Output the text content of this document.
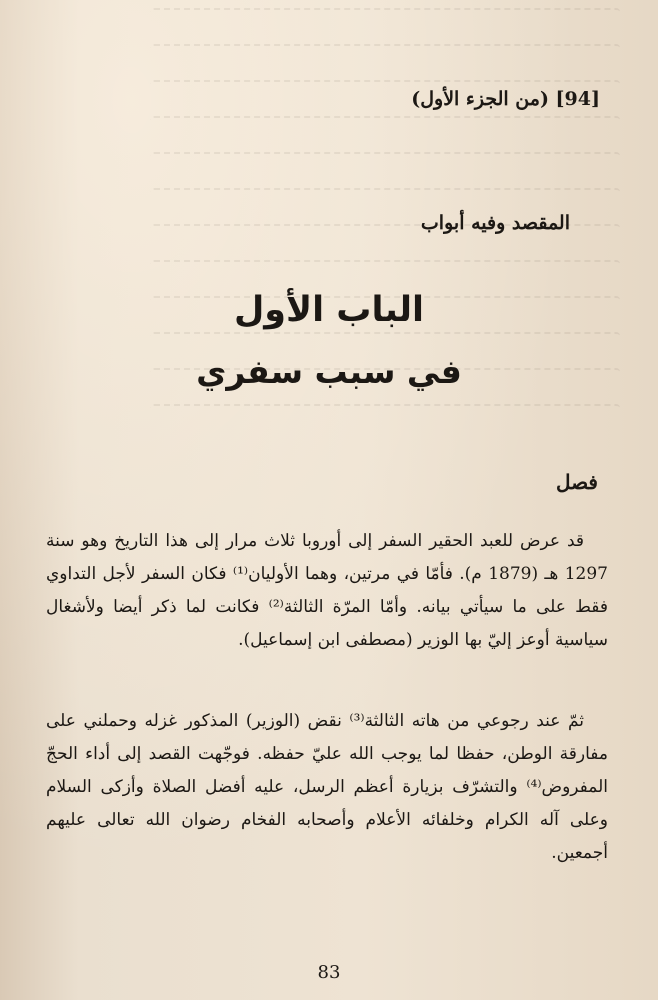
[94] (من الجزء الأول)
المقصد وفيه أبواب
الباب الأول
في سبب سفري
فصل

قد عرض للعبد الحقير السفر إلى أوروبا ثلاث مرار إلى هذا التاريخ وهو سنة 1297 هـ (1879 م). فأمّا في مرتين، وهما الأوليان⁽¹⁾ فكان السفر لأجل التداوي فقط على ما سيأتي بيانه. وأمّا المرّة الثالثة⁽²⁾ فكانت لما ذكر أيضا ولأشغال سياسية أوعز إليّ بها الوزير (مصطفى ابن إسماعيل).

ثمّ عند رجوعي من هاته الثالثة⁽³⁾ نقض (الوزير) المذكور غزله وحملني على مفارقة الوطن، حفظا لما يوجب الله عليّ حفظه. فوجّهت القصد إلى أداء الحجّ المفروض⁽⁴⁾ والتشرّف بزيارة أعظم الرسل، عليه أفضل الصلاة وأزكى السلام وعلى آله الكرام وخلفائه الأعلام وأصحابه الفخام رضوان الله تعالى عليهم أجمعين.

83
